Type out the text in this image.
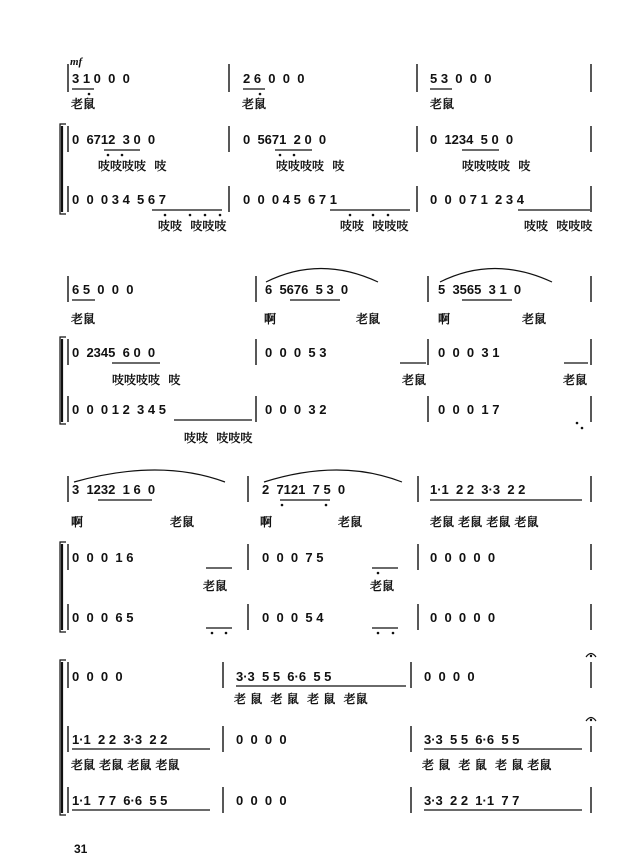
mf
3 1 0  0  0	2 6  0  0  0	5 3  0  0  0
老鼠	老鼠	老鼠
0  6712  3 0  0	0  5671  2 0  0	0  1234  5 0  0
吱吱吱吱  吱	吱吱吱吱  吱	吱吱吱吱  吱
0  0  0 3 4  5 6 7	0  0  0 4 5  6 7 1	0  0  0 7 1  2 3 4
吱吱  吱吱吱	吱吱  吱吱吱	吱吱  吱吱吱
6 5  0  0  0	6  5676  5 3  0	5  3565  3 1  0
老鼠	啊	老鼠	啊	老鼠
0  2345  6 0  0	0  0  0  5 3	0  0  0  3 1
吱吱吱吱  吱	老鼠	老鼠
0  0  0 1 2  3 4 5	0  0  0  3 2	0  0  0  1 7
吱吱  吱吱吱
3  1232  1 6  0	2  7121  7 5  0	1·1  2 2  3·3  2 2
啊	老鼠	啊	老鼠	老鼠 老鼠 老鼠 老鼠
0  0  0  1 6	0  0  0  7 5	0  0  0  0  0
老鼠	老鼠
0  0  0  6 5	0  0  0  5 4	0  0  0  0  0
0  0  0  0	3·3  5 5  6·6  5 5	0  0  0  0
老 鼠  老 鼠  老 鼠  老鼠
1·1  2 2  3·3  2 2	0  0  0  0	3·3  5 5  6·6  5 5
老鼠 老鼠 老鼠 老鼠	老 鼠  老 鼠  老 鼠 老鼠
1·1  7 7  6·6  5 5	0  0  0  0	3·3  2 2  1·1  7 7
31
